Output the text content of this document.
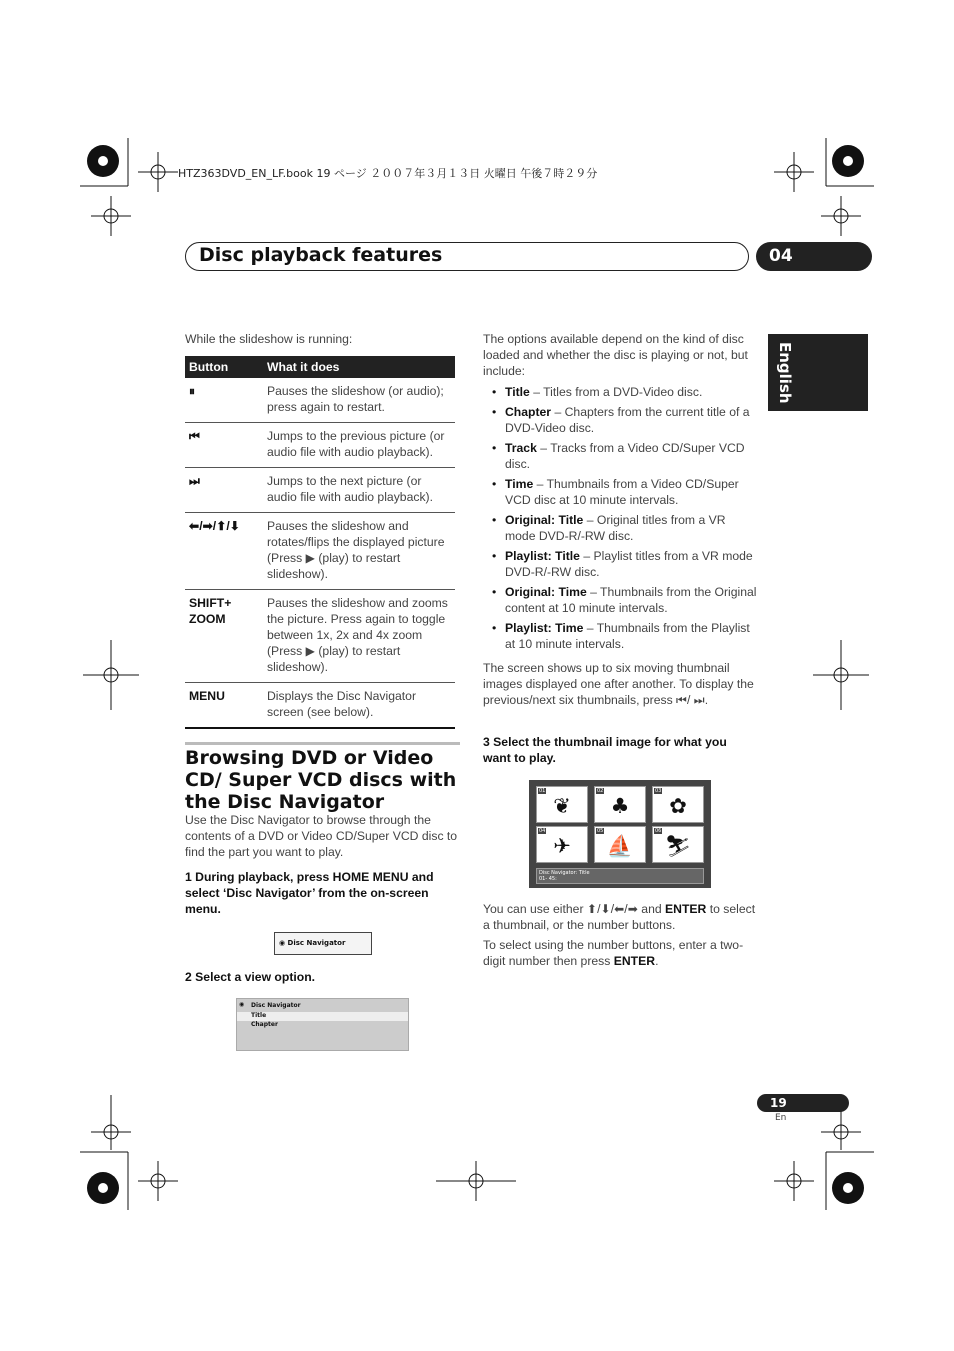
HTZ363DVD_EN_LF.book 19 ページ ２００７年３月１３日 火曜日 午後７時２９分
Disc playback features	04
English
While the slideshow is running:
Button	What it does
⏸	Pauses the slideshow (or audio); press again to restart.
⏮	Jumps to the previous picture (or audio file with audio playback).
⏭	Jumps to the next picture (or audio file with audio playback).
⬅/➡/⬆/⬇	Pauses the slideshow and rotates/flips the displayed picture (Press ▶ (play) to restart slideshow).
SHIFT+ ZOOM	Pauses the slideshow and zooms the picture. Press again to toggle between 1x, 2x and 4x zoom (Press ▶ (play) to restart slideshow).
MENU	Displays the Disc Navigator screen (see below).
Browsing DVD or Video CD/ Super VCD discs with the Disc Navigator
Use the Disc Navigator to browse through the contents of a DVD or Video CD/Super VCD disc to find the part you want to play.
1 During playback, press HOME MENU and select ‘Disc Navigator’ from the on-screen menu.
◉ Disc Navigator
2 Select a view option.
◉ Disc Navigator
Title
Chapter
The options available depend on the kind of disc loaded and whether the disc is playing or not, but include:
• Title – Titles from a DVD-Video disc.
• Chapter – Chapters from the current title of a DVD-Video disc.
• Track – Tracks from a Video CD/Super VCD disc.
• Time – Thumbnails from a Video CD/Super VCD disc at 10 minute intervals.
• Original: Title – Original titles from a VR mode DVD-R/-RW disc.
• Playlist: Title – Playlist titles from a VR mode DVD-R/-RW disc.
• Original: Time – Thumbnails from the Original content at 10 minute intervals.
• Playlist: Time – Thumbnails from the Playlist at 10 minute intervals.
The screen shows up to six moving thumbnail images displayed one after another. To display the previous/next six thumbnails, press ⏮/ ⏭.
3 Select the thumbnail image for what you want to play.
01
❦
02
♣
03
✿
04
✈
05
⛵
06
⛷
Disc Navigator: Title
01- 45:
You can use either ⬆/⬇/⬅/➡ and ENTER to select a thumbnail, or the number buttons.
To select using the number buttons, enter a two-digit number then press ENTER.
19
En
